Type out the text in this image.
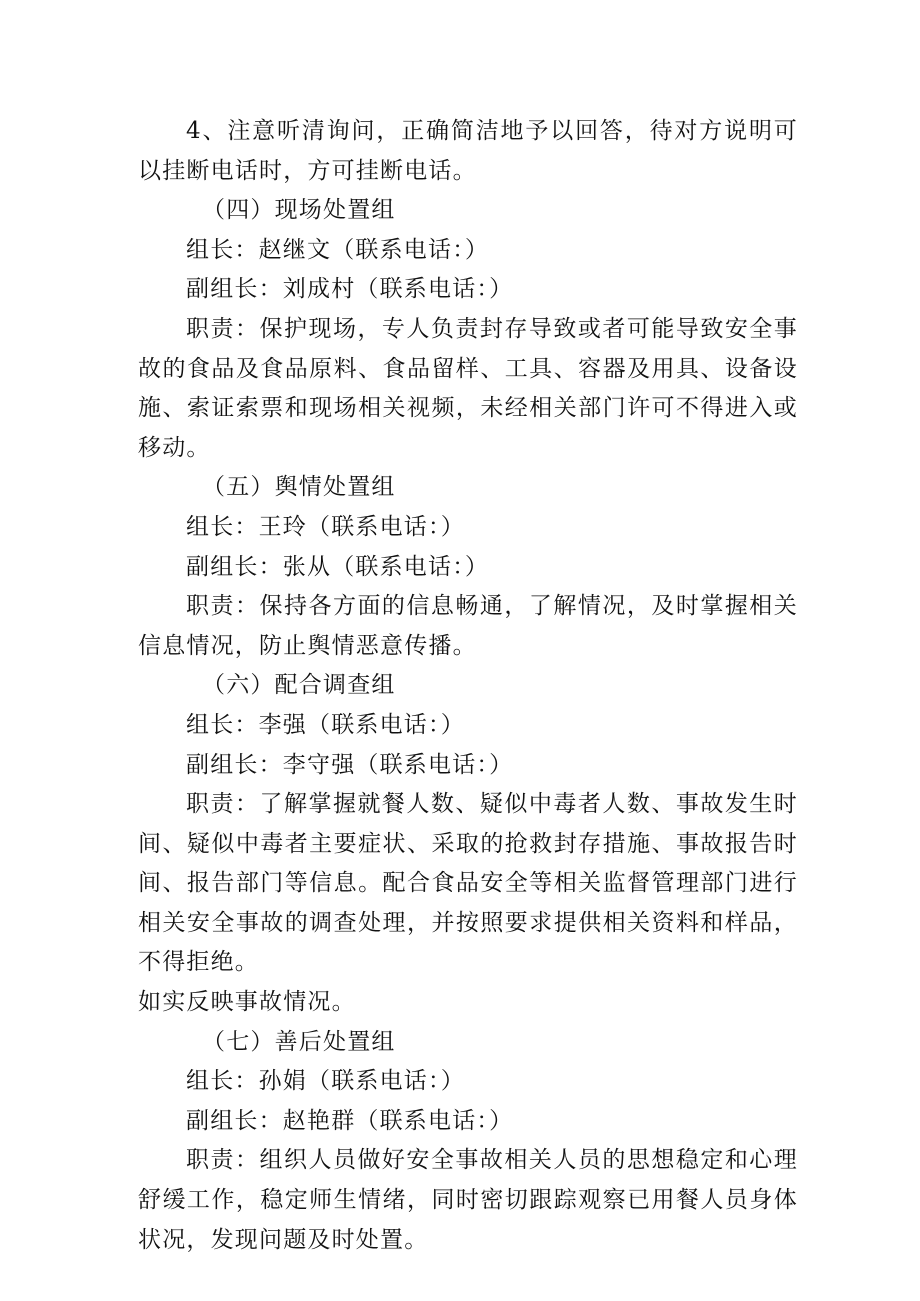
4、注意听清询问，正确简洁地予以回答，待对方说明可以挂断电话时，方可挂断电话。

（四）现场处置组

组长：赵继文（联系电话：）

副组长：刘成村（联系电话：）

职责：保护现场，专人负责封存导致或者可能导致安全事故的食品及食品原料、食品留样、工具、容器及用具、设备设施、索证索票和现场相关视频，未经相关部门许可不得进入或移动。

（五）舆情处置组

组长：王玲（联系电话：）

副组长：张从（联系电话：）

职责：保持各方面的信息畅通，了解情况，及时掌握相关信息情况，防止舆情恶意传播。

（六）配合调查组

组长：李强（联系电话：）

副组长：李守强（联系电话：）

职责：了解掌握就餐人数、疑似中毒者人数、事故发生时间、疑似中毒者主要症状、采取的抢救封存措施、事故报告时间、报告部门等信息。配合食品安全等相关监督管理部门进行相关安全事故的调查处理，并按照要求提供相关资料和样品，不得拒绝。

如实反映事故情况。

（七）善后处置组

组长：孙娟（联系电话：）

副组长：赵艳群（联系电话：）

职责：组织人员做好安全事故相关人员的思想稳定和心理舒缓工作，稳定师生情绪，同时密切跟踪观察已用餐人员身体状况，发现问题及时处置。
